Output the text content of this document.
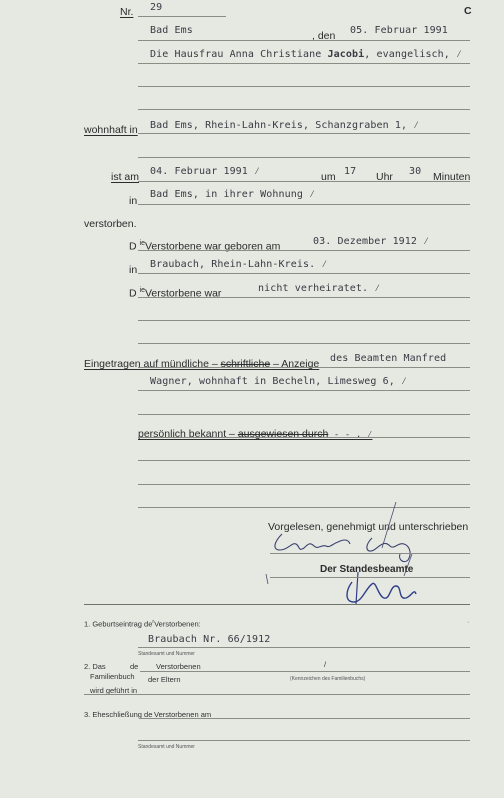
Nr. 29	C
Bad Ems	, den 05. Februar 1991
Die Hausfrau Anna Christiane Jacobi, evangelisch, ⁄
wohnhaft in Bad Ems, Rhein-Lahn-Kreis, Schanzgraben 1, ⁄
ist am 04. Februar 1991 ⁄	um 17 Uhr 30 Minuten
in
Bad Ems, in ihrer Wohnung ⁄
verstorben.
D $^{ie}$Verstorbene war geboren am	03. Dezember 1912 ⁄
in Braubach, Rhein-Lahn-Kreis. ⁄
D $^{ie}$Verstorbene war	nicht verheiratet. ⁄
Eingetragen auf mündliche – schriftliche – Anzeige des Beamten Manfred
Wagner, wohnhaft in Becheln, Limesweg 6, ⁄
persönlich bekannt – ausgewiesen durch - - . ⁄
Vorgelesen, genehmigt und unterschrieben
Der Standesbeamte
·
1. Geburtseintrag $de^rVerstorbenen$:
Braubach Nr. 66/1912
Standesamt und Nummer
2. Das	de Verstorbenen	/
Familienbuch der Eltern	(Kennzeichen des Familienbuchs)
wird geführt in
3. Eheschließung de Verstorbenen am
Standesamt und Nummer
